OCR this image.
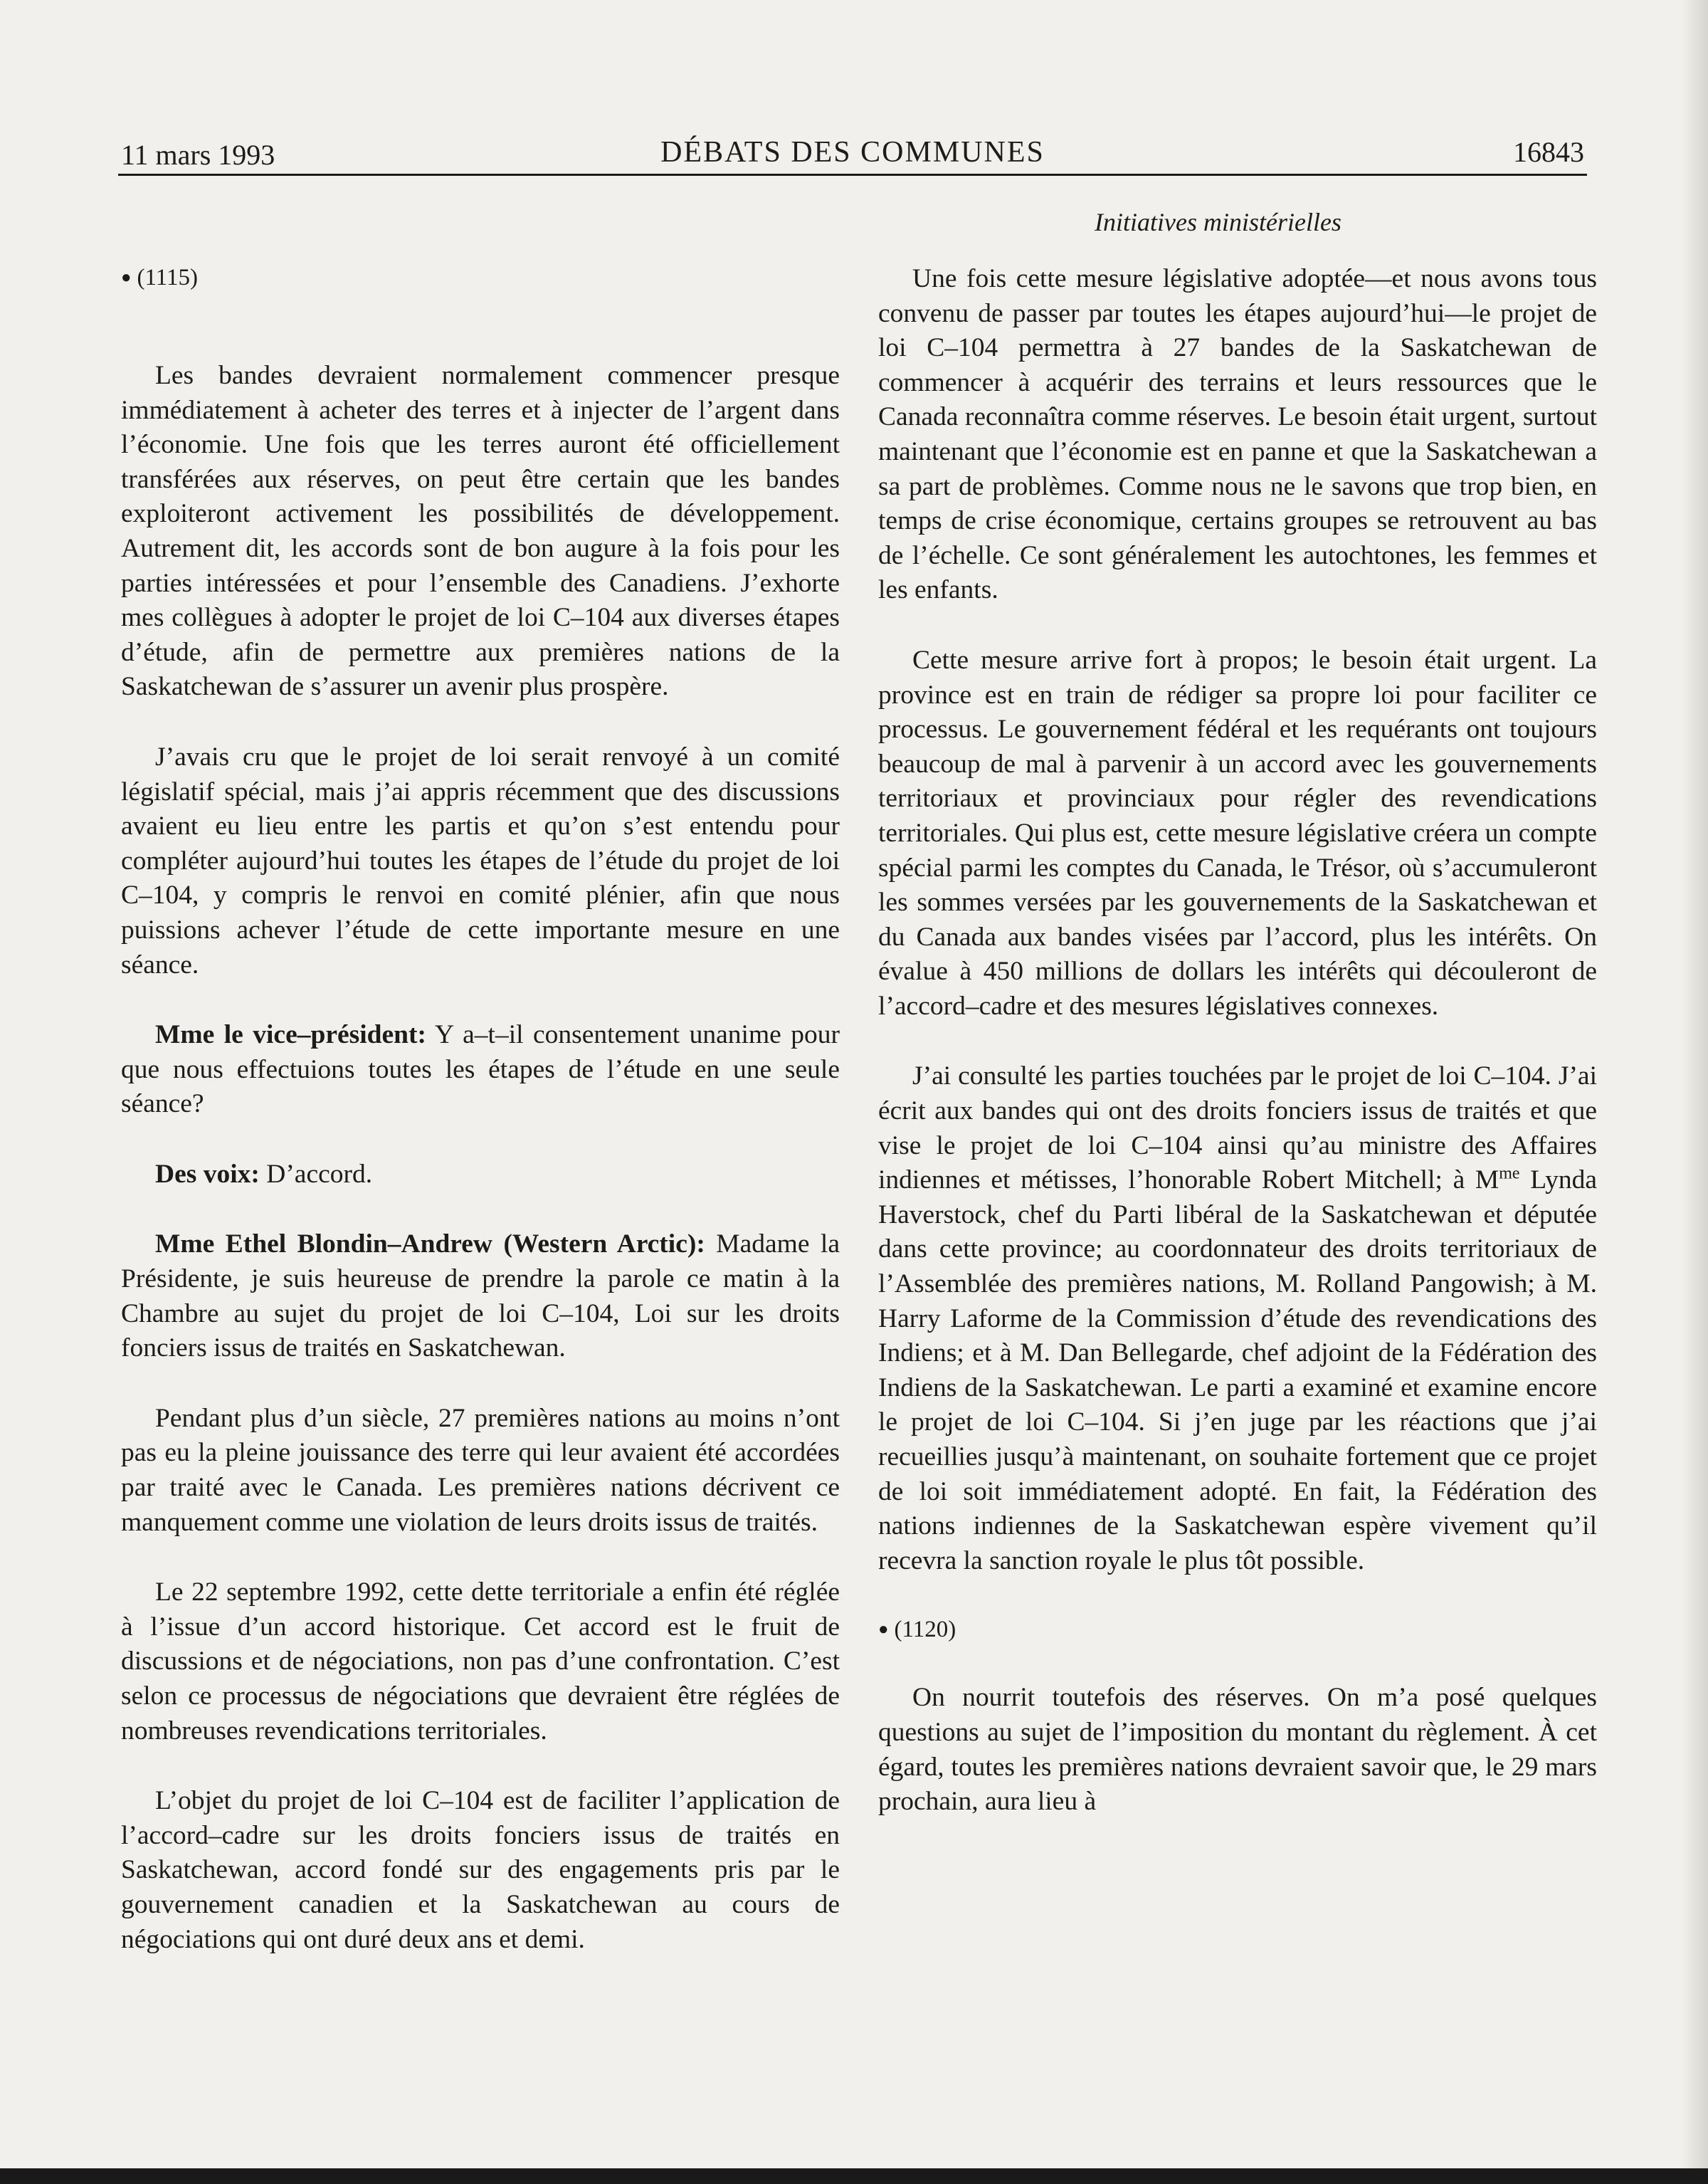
11 mars 1993	DÉBATS DES COMMUNES	16843
Initiatives ministérielles

● (1115)

Les bandes devraient normalement commencer presque immédiatement à acheter des terres et à injecter de l’argent dans l’économie. Une fois que les terres auront été officiellement transférées aux réserves, on peut être certain que les bandes exploiteront activement les possibilités de développement. Autrement dit, les accords sont de bon augure à la fois pour les parties intéressées et pour l’ensemble des Canadiens. J’exhorte mes collègues à adopter le projet de loi C–104 aux diverses étapes d’étude, afin de permettre aux premières nations de la Saskatchewan de s’assurer un avenir plus prospère.

J’avais cru que le projet de loi serait renvoyé à un comité législatif spécial, mais j’ai appris récemment que des discussions avaient eu lieu entre les partis et qu’on s’est entendu pour compléter aujourd’hui toutes les étapes de l’étude du projet de loi C–104, y compris le renvoi en comité plénier, afin que nous puissions achever l’étude de cette importante mesure en une séance.

Mme le vice–président: Y a–t–il consentement unanime pour que nous effectuions toutes les étapes de l’étude en une seule séance?

Des voix: D’accord.

Mme Ethel Blondin–Andrew (Western Arctic): Madame la Présidente, je suis heureuse de prendre la parole ce matin à la Chambre au sujet du projet de loi C–104, Loi sur les droits fonciers issus de traités en Saskatchewan.

Pendant plus d’un siècle, 27 premières nations au moins n’ont pas eu la pleine jouissance des terre qui leur avaient été accordées par traité avec le Canada. Les premières nations décrivent ce manquement comme une violation de leurs droits issus de traités.

Le 22 septembre 1992, cette dette territoriale a enfin été réglée à l’issue d’un accord historique. Cet accord est le fruit de discussions et de négociations, non pas d’une confrontation. C’est selon ce processus de négociations que devraient être réglées de nombreuses revendications territoriales.

L’objet du projet de loi C–104 est de faciliter l’application de l’accord–cadre sur les droits fonciers issus de traités en Saskatchewan, accord fondé sur des engagements pris par le gouvernement canadien et la Saskatchewan au cours de négociations qui ont duré deux ans et demi.

Une fois cette mesure législative adoptée—et nous avons tous convenu de passer par toutes les étapes aujourd’hui—le projet de loi C–104 permettra à 27 bandes de la Saskatchewan de commencer à acquérir des terrains et leurs ressources que le Canada reconnaîtra comme réserves. Le besoin était urgent, surtout maintenant que l’économie est en panne et que la Saskatchewan a sa part de problèmes. Comme nous ne le savons que trop bien, en temps de crise économique, certains groupes se retrouvent au bas de l’échelle. Ce sont généralement les autochtones, les femmes et les enfants.

Cette mesure arrive fort à propos; le besoin était urgent. La province est en train de rédiger sa propre loi pour faciliter ce processus. Le gouvernement fédéral et les requérants ont toujours beaucoup de mal à parvenir à un accord avec les gouvernements territoriaux et provinciaux pour régler des revendications territoriales. Qui plus est, cette mesure législative créera un compte spécial parmi les comptes du Canada, le Trésor, où s’accumuleront les sommes versées par les gouvernements de la Saskatchewan et du Canada aux bandes visées par l’accord, plus les intérêts. On évalue à 450 millions de dollars les intérêts qui découleront de l’accord–cadre et des mesures législatives connexes.

J’ai consulté les parties touchées par le projet de loi C–104. J’ai écrit aux bandes qui ont des droits fonciers issus de traités et que vise le projet de loi C–104 ainsi qu’au ministre des Affaires indiennes et métisses, l’honorable Robert Mitchell; à $M^{me}$ Lynda Haverstock, chef du Parti libéral de la Saskatchewan et députée dans cette province; au coordonnateur des droits territoriaux de l’Assemblée des premières nations, M. Rolland Pangowish; à M. Harry Laforme de la Commission d’étude des revendications des Indiens; et à M. Dan Bellegarde, chef adjoint de la Fédération des Indiens de la Saskatchewan. Le parti a examiné et examine encore le projet de loi C–104. Si j’en juge par les réactions que j’ai recueillies jusqu’à maintenant, on souhaite fortement que ce projet de loi soit immédiatement adopté. En fait, la Fédération des nations indiennes de la Saskatchewan espère vivement qu’il recevra la sanction royale le plus tôt possible.

● (1120)

On nourrit toutefois des réserves. On m’a posé quelques questions au sujet de l’imposition du montant du règlement. À cet égard, toutes les premières nations devraient savoir que, le 29 mars prochain, aura lieu à
